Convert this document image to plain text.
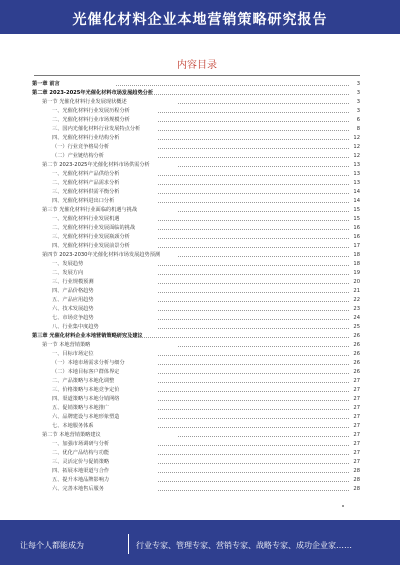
光催化材料企业本地营销策略研究报告
内容目录
第一章 前言	3
第二章 2023-2025年光催化材料市场发展趋势分析	3
第一节 光催化材料行业发展现状概述	3
一、光催化材料行业发展历程分析	3
二、光催化材料行业市场规模分析	6
三、国内光催化材料行业发展特点分析	8
四、光催化材料行业结构分析	12
（一）行业竞争格局分析	12
（二）产业链结构分析	12
第二节 2023-2025年光催化材料市场供需分析	13
一、光催化材料产品供给分析	13
二、光催化材料产品需求分析	13
三、光催化材料供需平衡分析	14
四、光催化材料进出口分析	14
第三节 光催化材料行业面临的机遇与挑战	15
一、光催化材料行业发展机遇	15
二、光催化材料行业发展面临的挑战	16
三、光催化材料行业发展瓶颈分析	16
四、光催化材料行业发展前景分析	17
第四节 2023-2030年光催化材料市场发展趋势预测	18
一、发展趋势	18
二、发展方向	19
三、行业规模预测	20
四、产品价格趋势	21
五、产品应用趋势	22
六、技术发展趋势	23
七、市场竞争趋势	24
八、行业集中度趋势	25
第三章 光催化材料企业本地营销策略研究及建议	26
第一节 本地营销策略	26
一、目标市场定位	26
（一）本地市场需求分析与细分	26
（二）本地目标客户群体界定	26
二、产品策略与本地化调整	27
三、价格策略与本地竞争定价	27
四、渠道策略与本地分销网络	27
五、促销策略与本地推广	27
六、品牌建设与本地形象塑造	27
七、本地服务体系	27
第二节 本地营销策略建议	27
一、加强市场调研与分析	27
二、优化产品结构与功能	27
三、灵活定价与促销策略	27
四、拓展本地渠道与合作	28
五、提升本地品牌影响力	28
六、完善本地售后服务	28
让每个人都能成为	行业专家、管理专家、营销专家、战略专家、成功企业家……
